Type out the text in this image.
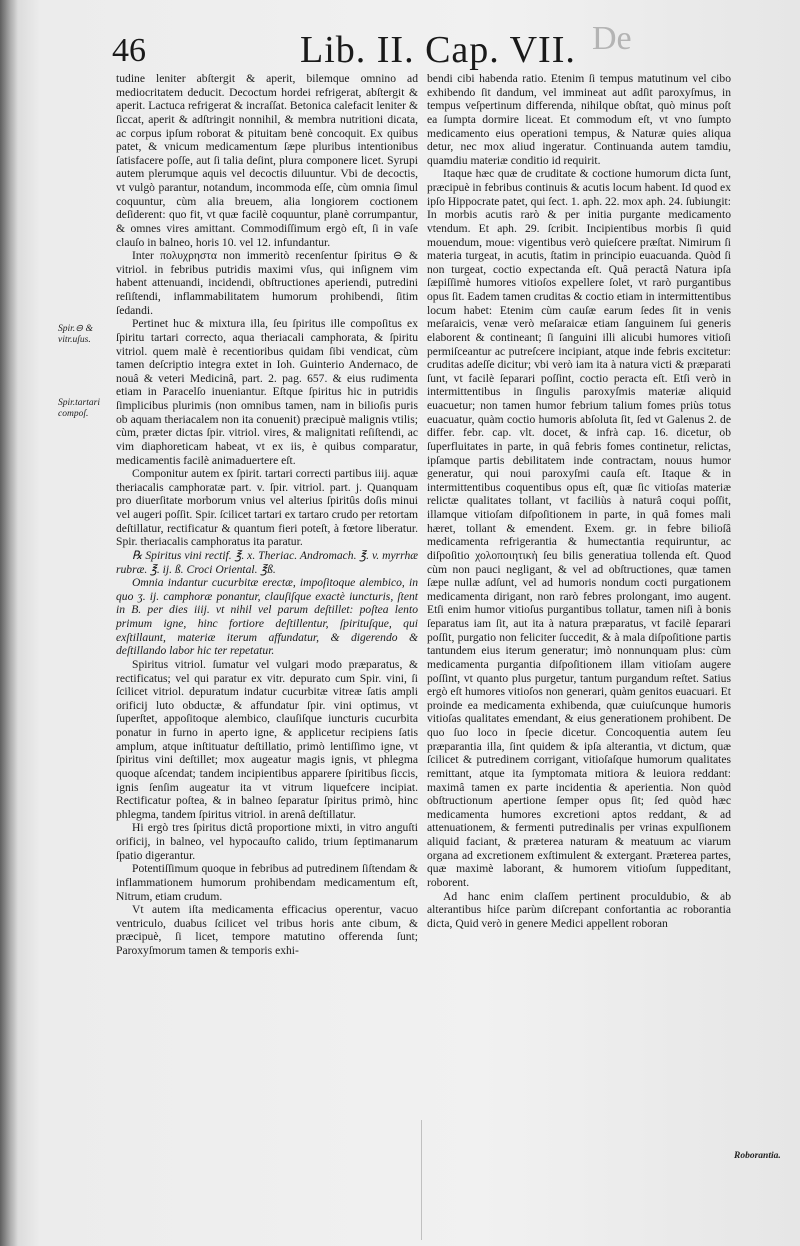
46	Lib. II. Cap. VII. De
Spir.⊖ & vitr.uſus.
Spir.tartari compoſ.
Roborantia.

tudine leniter abſtergit & aperit, bilemque omnino ad mediocritatem deducit. Decoctum hordei refrigerat, abſtergit & aperit. Lactuca refrigerat & incraſſat. Betonica calefacit leniter & ſiccat, aperit & adſtringit nonnihil, & membra nutritioni dicata, ac corpus ipſum roborat & pituitam benè concoquit. Ex quibus patet, & vnicum medicamentum ſæpe pluribus intentionibus ſatisfacere poſſe, aut ſi talia deſint, plura componere licet. Syrupi autem plerumque aquis vel decoctis diluuntur. Vbi de decoctis, vt vulgò parantur, notandum, incommoda eſſe, cùm omnia ſimul coquuntur, cùm alia breuem, alia longiorem coctionem deſiderent: quo fit, vt quæ facilè coquuntur, planè corrumpantur, & omnes vires amittant. Commodiſſimum ergò eſt, ſi in vaſe clauſo in balneo, horis 10. vel 12. infundantur.

Inter πολυχρηστα non immeritò recenſentur ſpiritus ⊖ & vitriol. in febribus putridis maximi vſus, qui inſignem vim habent attenuandi, incidendi, obſtructiones aperiendi, putredini reſiſtendi, inflammabilitatem humorum prohibendi, ſitim ſedandi.

Pertinet huc & mixtura illa, ſeu ſpiritus ille compoſitus ex ſpiritu tartari correcto, aqua theriacali camphorata, & ſpiritu vitriol. quem malè è recentioribus quidam ſibi vendicat, cùm tamen deſcriptio integra extet in Ioh. Guinterio Andernaco, de nouâ & veteri Medicinâ, part. 2. pag. 657. & eius rudimenta etiam in Paracelſo inueniantur. Eſtque ſpiritus hic in putridis ſimplicibus plurimis (non omnibus tamen, nam in bilioſis puris ob aquam theriacalem non ita conuenit) præcipuè malignis vtilis; cùm, præter dictas ſpir. vitriol. vires, & malignitati reſiſtendi, ac vim diaphoreticam habeat, vt ex iis, è quibus comparatur, medicamentis facilè animaduertere eſt.

Componitur autem ex ſpirit. tartari correcti partibus iiij. aquæ theriacalis camphoratæ part. v. ſpir. vitriol. part. j. Quanquam pro diuerſitate morborum vnius vel alterius ſpiritûs doſis minui vel augeri poſſit. Spir. ſcilicet tartari ex tartaro crudo per retortam deſtillatur, rectificatur & quantum fieri poteſt, à fœtore liberatur. Spir. theriacalis camphoratus ita paratur.

℞ Spiritus vini rectif. ℥. x. Theriac. Andromach. ℥. v. myrrhæ rubræ. ℥. ij. ß. Croci Oriental. ℥ß.

Omnia indantur cucurbitæ erectæ, impoſitoque alembico, in quo ʒ. ij. camphoræ ponantur, clauſiſque exactè iuncturis, ſtent in B. per dies iiij. vt nihil vel parum deſtillet: poſtea lento primum igne, hinc fortiore deſtillentur, ſpirituſque, qui exſtillaunt, materiæ iterum affundatur, & digerendo & deſtillando labor hic ter repetatur.

Spiritus vitriol. ſumatur vel vulgari modo præparatus, & rectificatus; vel qui paratur ex vitr. depurato cum Spir. vini, ſi ſcilicet vitriol. depuratum indatur cucurbitæ vitreæ ſatis ampli orificij luto obductæ, & affundatur ſpir. vini optimus, vt ſuperſtet, appoſitoque alembico, clauſiſque iuncturis cucurbita ponatur in furno in aperto igne, & applicetur recipiens ſatis amplum, atque inſtituatur deſtillatio, primò lentiſſimo igne, vt ſpiritus vini deſtillet; mox augeatur magis ignis, vt phlegma quoque aſcendat; tandem incipientibus apparere ſpiritibus ſiccis, ignis ſenſim augeatur ita vt vitrum liquefcere incipiat. Rectificatur poſtea, & in balneo ſeparatur ſpiritus primò, hinc phlegma, tandem ſpiritus vitriol. in arenâ deſtillatur.

Hi ergò tres ſpiritus dictâ proportione mixti, in vitro anguſti orificij, in balneo, vel hypocauſto calido, trium ſeptimanarum ſpatio digerantur.

Potentiſſimum quoque in febribus ad putredinem ſiſtendam & inflammationem humorum prohibendam medicamentum eſt, Nitrum, etiam crudum.

Vt autem iſta medicamenta efficacius operentur, vacuo ventriculo, duabus ſcilicet vel tribus horis ante cibum, & præcipuè, ſi licet, tempore matutino offerenda ſunt; Paroxyſmorum tamen & temporis exhi-

bendi cibi habenda ratio. Etenim ſi tempus matutinum vel cibo exhibendo ſit dandum, vel immineat aut adſit paroxyſmus, in tempus veſpertinum differenda, nihilque obſtat, quò minus poſt ea ſumpta dormire liceat. Et commodum eſt, vt vno ſumpto medicamento eius operationi tempus, & Naturæ quies aliqua detur, nec mox aliud ingeratur. Continuanda autem tamdiu, quamdiu materiæ conditio id requirit.

Itaque hæc quæ de cruditate & coctione humorum dicta ſunt, præcipuè in febribus continuis & acutis locum habent. Id quod ex ipſo Hippocrate patet, qui ſect. 1. aph. 22. mox aph. 24. ſubiungit: In morbis acutis rarò & per initia purgante medicamento vtendum. Et aph. 29. ſcribit. Incipientibus morbis ſi quid mouendum, moue: vigentibus verò quieſcere præſtat. Nimirum ſi materia turgeat, in acutis, ſtatim in principio euacuanda. Quòd ſi non turgeat, coctio expectanda eſt. Quâ peractâ Natura ipſa ſæpiſſimè humores vitioſos expellere ſolet, vt rarò purgantibus opus ſit. Eadem tamen cruditas & coctio etiam in intermittentibus locum habet: Etenim cùm cauſæ earum ſedes ſit in venis meſaraicis, venæ verò meſaraicæ etiam ſanguinem ſui generis elaborent & contineant; ſi ſanguini illi alicubi humores vitioſi permiſceantur ac putreſcere incipiant, atque inde febris excitetur: cruditas adeſſe dicitur; vbi verò iam ita à natura victi & præparati ſunt, vt facilè ſeparari poſſint, coctio peracta eſt. Etſi verò in intermittentibus in ſingulis paroxyſmis materiæ aliquid euacuetur; non tamen humor febrium talium fomes priùs totus euacuatur, quàm coctio humoris abſoluta ſit, ſed vt Galenus 2. de differ. febr. cap. vlt. docet, & infrà cap. 16. dicetur, ob ſuperfluitates in parte, in quâ febris fomes continetur, relictas, ipſamque partis debilitatem inde contractam, nouus humor generatur, qui noui paroxyſmi cauſa eſt. Itaque & in intermittentibus coquentibus opus eſt, quæ ſic vitioſas materiæ relictæ qualitates tollant, vt faciliùs à naturâ coqui poſſit, illamque vitioſam diſpoſitionem in parte, in quâ fomes mali hæret, tollant & emendent. Exem. gr. in febre bilioſâ medicamenta refrigerantia & humectantia requiruntur, ac diſpoſitio χολοποιητικὴ ſeu bilis generatiua tollenda eſt. Quod cùm non pauci negligant, & vel ad obſtructiones, quæ tamen ſæpe nullæ adſunt, vel ad humoris nondum cocti purgationem medicamenta dirigant, non rarò febres prolongant, imo augent. Etſi enim humor vitioſus purgantibus tollatur, tamen niſi à bonis ſeparatus iam ſit, aut ita à natura præparatus, vt facilè ſeparari poſſit, purgatio non feliciter ſuccedit, & à mala diſpoſitione partis tantundem eius iterum generatur; imò nonnunquam plus: cùm medicamenta purgantia diſpoſitionem illam vitioſam augere poſſint, vt quanto plus purgetur, tantum purgandum reſtet. Satius ergò eſt humores vitioſos non generari, quàm genitos euacuari. Et proinde ea medicamenta exhibenda, quæ cuiuſcunque humoris vitioſas qualitates emendant, & eius generationem prohibent. De quo ſuo loco in ſpecie dicetur. Concoquentia autem ſeu præparantia illa, ſint quidem & ipſa alterantia, vt dictum, quæ ſcilicet & putredinem corrigant, vitioſaſque humorum qualitates remittant, atque ita ſymptomata mitiora & leuiora reddant: maximâ tamen ex parte incidentia & aperientia. Non quòd obſtructionum apertione ſemper opus ſit; ſed quòd hæc medicamenta humores excretioni aptos reddant, & ad attenuationem, & fermenti putredinalis per vrinas expulſionem aliquid faciant, & præterea naturam & meatuum ac viarum organa ad excretionem exſtimulent & extergant. Præterea partes, quæ maximè laborant, & humorem vitioſum ſuppeditant, roborent.

Ad hanc enim claſſem pertinent proculdubio, & ab alterantibus hiſce parùm diſcrepant confortantia ac roborantia dicta, Quid verò in genere Medici appellent roboran
